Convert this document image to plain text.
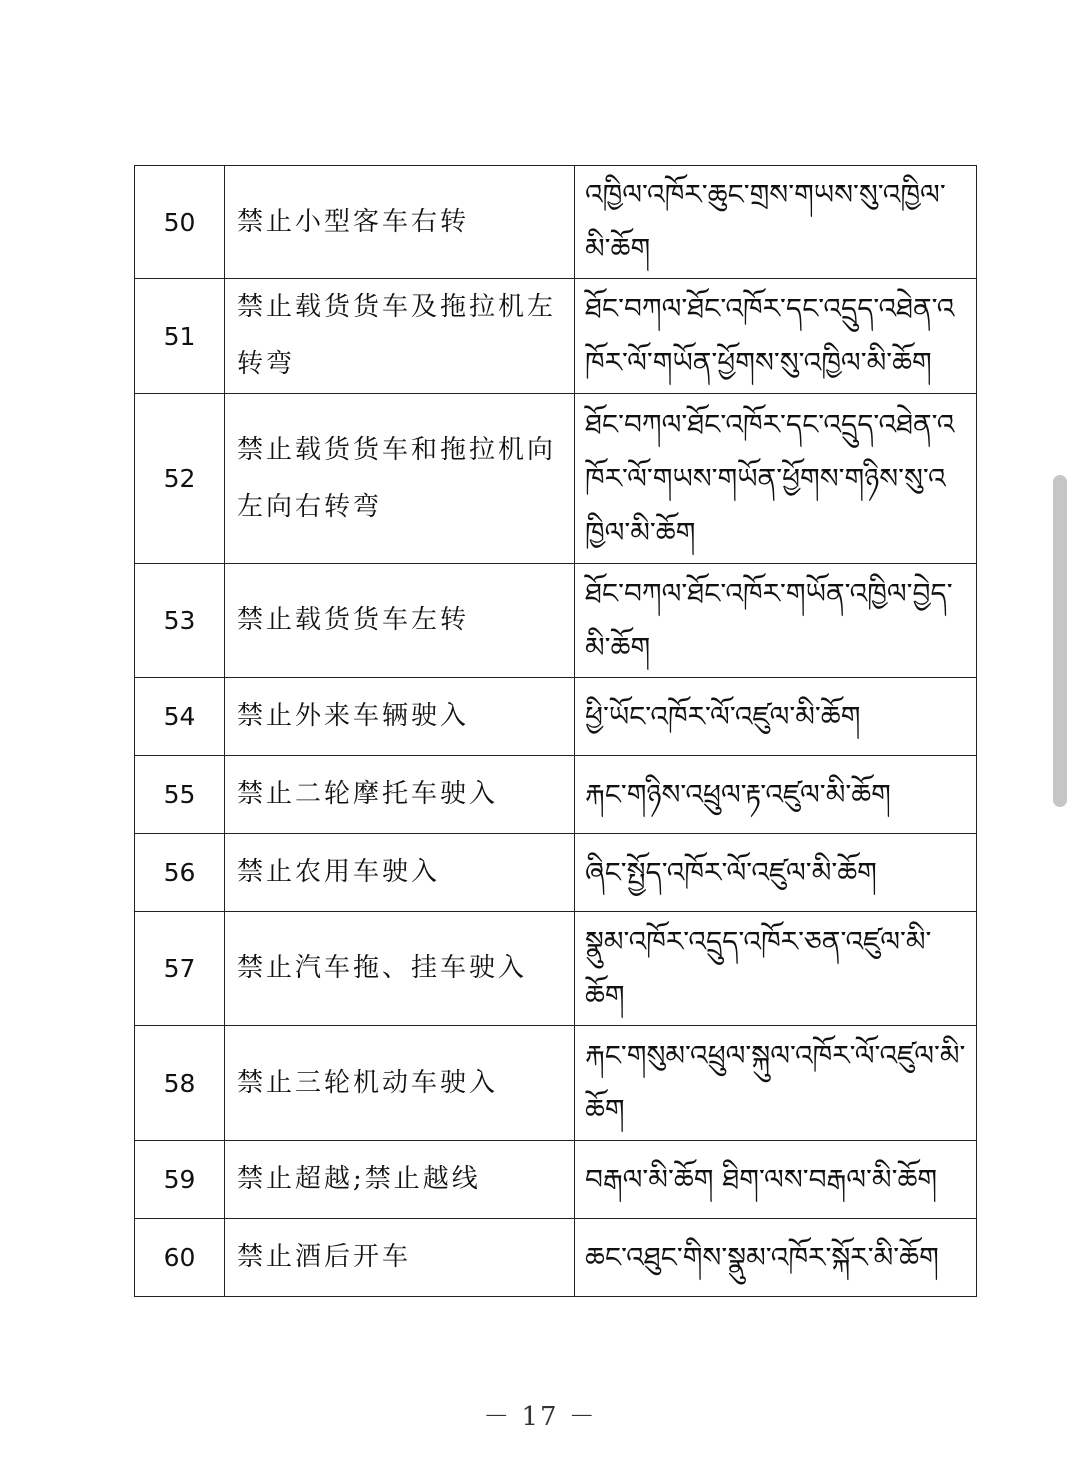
50	禁止小型客车右转	འཁྱིལ་འཁོར་ཆུང་གྲས་གཡས་སུ་འཁྱིལ་མི་ཆོག
51	禁止载货货车及拖拉机左转弯	ཐོང་བཀལ་ཐོང་འཁོར་དང་འདྲུད་འཐེན་འཁོར་ལོ་གཡོན་ཕྱོགས་སུ་འཁྱིལ་མི་ཆོག
52	禁止载货货车和拖拉机向左向右转弯	ཐོང་བཀལ་ཐོང་འཁོར་དང་འདྲུད་འཐེན་འཁོར་ལོ་གཡས་གཡོན་ཕྱོགས་གཉིས་སུ་འཁྱིལ་མི་ཆོག
53	禁止载货货车左转	ཐོང་བཀལ་ཐོང་འཁོར་གཡོན་འཁྱིལ་བྱེད་མི་ཆོག
54	禁止外来车辆驶入	ཕྱི་ཡོང་འཁོར་ལོ་འཛུལ་མི་ཆོག
55	禁止二轮摩托车驶入	རྐང་གཉིས་འཕྲུལ་རྟ་འཛུལ་མི་ཆོག
56	禁止农用车驶入	ཞིང་སྤྱོད་འཁོར་ལོ་འཛུལ་མི་ཆོག
57	禁止汽车拖、挂车驶入	སྣུམ་འཁོར་འདྲུད་འཁོར་ཅན་འཛུལ་མི་ཆོག
58	禁止三轮机动车驶入	རྐང་གསུམ་འཕྲུལ་སྐུལ་འཁོར་ལོ་འཛུལ་མི་ཆོག
59	禁止超越;禁止越线	བརྒལ་མི་ཆོག ཐིག་ལས་བརྒལ་མི་ཆོག
60	禁止酒后开车	ཆང་འཐུང་གིས་སྣུམ་འཁོར་སྐོར་མི་ཆོག
－ 17 －
